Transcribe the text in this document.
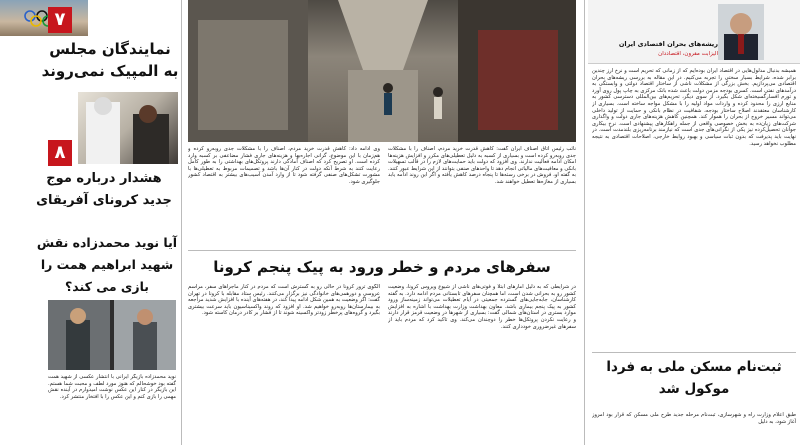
۷
نمایندگان مجلس به المپیک نمی‌روند
۸
هشدار درباره موج جدید کرونای آفریقای
آیا نوید محمدزاده نقش شهید ابراهیم همت را بازی می کند؟
نوید محمدزاده بازیگر ایرانی با انتشار عکسی از شهید همت گفته بود خوشحالم که هنوز مورد لطف و محبت شما هستم. این بازیگر در کنار این عکس نوشت امیدوارم در آینده نقش مهمی را بازی کنم و این عکس را با افتخار منتشر کرد.
نائب رئیس اتاق اصناف ایران گفت: کاهش قدرت خرید مردم، اصناف را با مشکلات جدی روبه‌رو کرده است و بسیاری از کسبه به دلیل تعطیلی‌های مکرر و افزایش هزینه‌ها امکان ادامه فعالیت ندارند. وی افزود که دولت باید حمایت‌های لازم را در قالب تسهیلات بانکی و معافیت‌های مالیاتی انجام دهد تا واحدهای صنفی بتوانند از این شرایط عبور کنند. به گفته او، فروش در برخی رسته‌ها تا پنجاه درصد کاهش یافته و اگر این روند ادامه یابد بسیاری از مغازه‌ها تعطیل خواهند شد.
وی ادامه داد: کاهش قدرت خرید مردم، اصناف را با مشکلات جدی روبه‌رو کرده و هم‌زمان با این موضوع، گرانی اجاره‌بها و هزینه‌های جاری فشار مضاعفی بر کسبه وارد کرده است. او تصریح کرد که اصناف آمادگی دارند پروتکل‌های بهداشتی را به طور کامل رعایت کنند به شرط آنکه دولت در کنار آن‌ها باشد و تصمیمات مربوط به تعطیلی‌ها با مشورت تشکل‌های صنفی گرفته شود تا از وارد آمدن آسیب‌های بیشتر به اقتصاد کشور جلوگیری شود.
سفرهای مردم و خطر ورود به پیک پنجم کرونا
در شرایطی که به دلیل آمارهای ابتلا و فوتی‌های ناشی از شیوع ویروس کرونا، وضعیت کشور رو به بحرانی شدن است، اما همچنان سفرهای تابستانی مردم ادامه دارد. به گفته کارشناسان، جابه‌جایی‌های گسترده جمعیتی در ایام تعطیلات می‌تواند زمینه‌ساز ورود کشور به پیک پنجم بیماری باشد. معاون بهداشت وزارت بهداشت با اشاره به افزایش موارد بستری در استان‌های شمالی گفت: بسیاری از شهرها در وضعیت قرمز قرار دارند و رعایت نکردن پروتکل‌ها خطر را دوچندان می‌کند. وی تاکید کرد که مردم باید از سفرهای غیرضروری خودداری کنند.
الگوی ترور کرونا در حالی رو به گسترش است که مردم در کنار ماجراهای سفر، مراسم عروسی و دورهمی‌های خانوادگی نیز برگزار می‌کنند. رئیس ستاد مقابله با کرونا در تهران گفت: اگر وضعیت به همین شکل ادامه پیدا کند، در هفته‌های آینده با افزایش شدید مراجعه به بیمارستان‌ها روبه‌رو خواهیم شد. او افزود که روند واکسیناسیون باید سرعت بیشتری بگیرد و گروه‌های پرخطر زودتر واکسینه شوند تا از فشار بر کادر درمان کاسته شود.
ریشه‌های بحران اقتصادی ایران
الیزابت مقرون، اقتصاددان
همیشه بدنبال مدلول‌هایی در اقتصاد ایران بوده‌ایم که از زمانی که تحریم است و نرخ ارز چندین برابر شده، شرایط بسیار سختی را تجربه می‌کنیم. در این مقاله به بررسی ریشه‌های بحران اقتصادی می‌پردازیم. بخش بزرگی از مشکلات ناشی از ساختار اقتصاد دولتی و وابستگی به درآمدهای نفتی است. کسری بودجه مزمن دولت باعث شده بانک مرکزی به چاپ پول روی آورد و تورم افسارگسیخته‌ای شکل بگیرد. از سوی دیگر، تحریم‌های بین‌المللی دسترسی کشور به منابع ارزی را محدود کرده و واردات مواد اولیه را با مشکل مواجه ساخته است. بسیاری از کارشناسان معتقدند اصلاح ساختار بودجه، شفافیت در نظام بانکی و حمایت از تولید داخلی می‌تواند مسیر خروج از بحران را هموار کند. همچنین کاهش هزینه‌های جاری دولت و واگذاری شرکت‌های زیان‌ده به بخش خصوصی واقعی از جمله راهکارهای پیشنهادی است. نرخ بیکاری جوانان تحصیل‌کرده نیز یکی از نگرانی‌های جدی است که نیازمند برنامه‌ریزی بلندمدت است. در نهایت باید پذیرفت که بدون ثبات سیاسی و بهبود روابط خارجی، اصلاحات اقتصادی به نتیجه مطلوب نخواهد رسید.
ثبت‌نام مسکن ملی به فردا موکول شد
طبق اعلام وزارت راه و شهرسازی، ثبت‌نام مرحله جدید طرح ملی مسکن که قرار بود امروز آغاز شود، به دلیل
